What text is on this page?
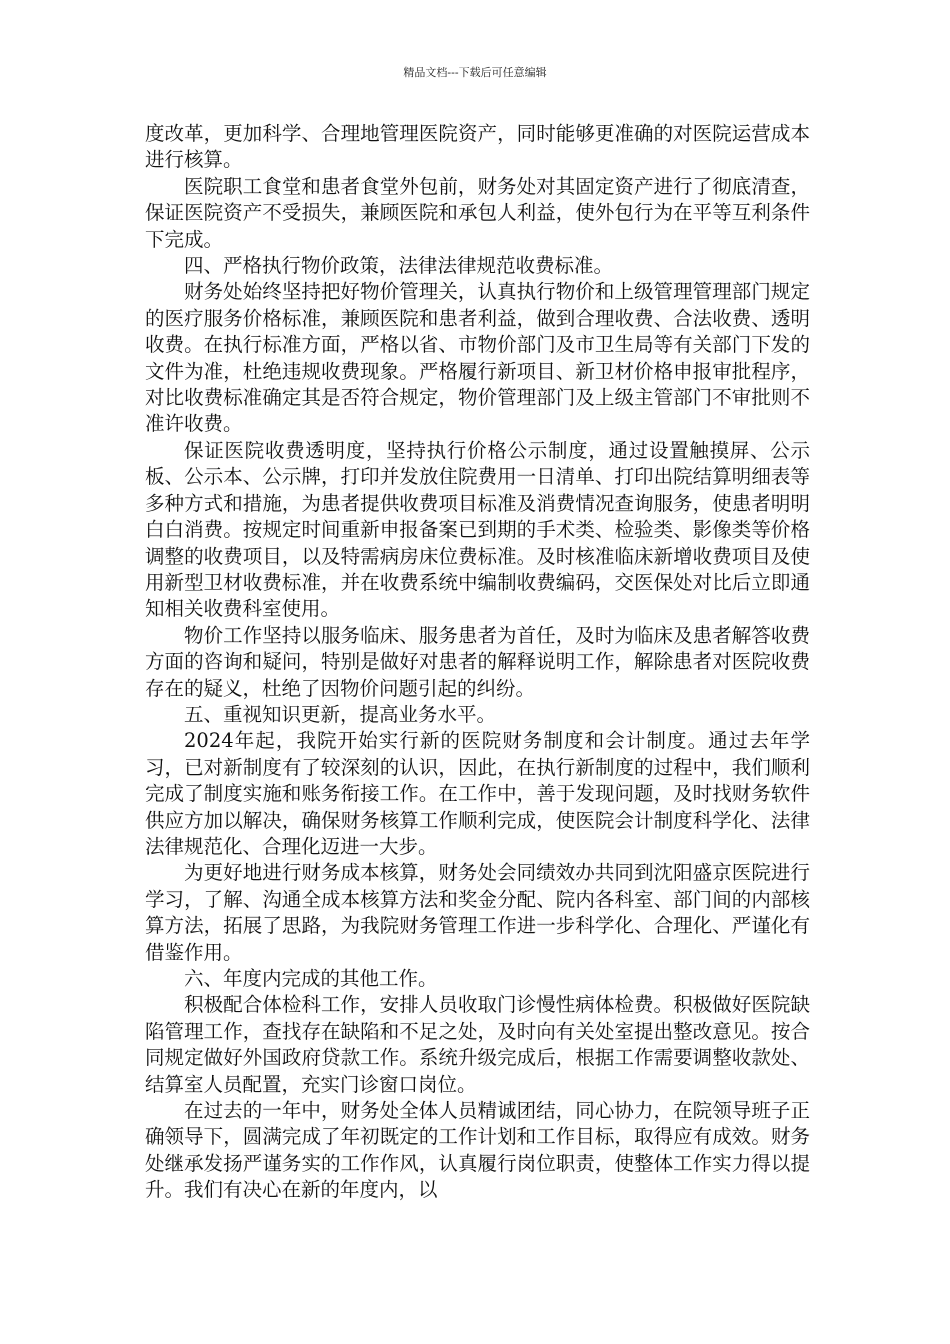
精品文档---下载后可任意编辑

度改革，更加科学、合理地管理医院资产，同时能够更准确的对医院运营成本进行核算。

医院职工食堂和患者食堂外包前，财务处对其固定资产进行了彻底清查，保证医院资产不受损失，兼顾医院和承包人利益，使外包行为在平等互利条件下完成。

四、严格执行物价政策，法律法律规范收费标准。

财务处始终坚持把好物价管理关，认真执行物价和上级管理管理部门规定的医疗服务价格标准，兼顾医院和患者利益，做到合理收费、合法收费、透明收费。在执行标准方面，严格以省、市物价部门及市卫生局等有关部门下发的文件为准，杜绝违规收费现象。严格履行新项目、新卫材价格申报审批程序，对比收费标准确定其是否符合规定，物价管理部门及上级主管部门不审批则不准许收费。

保证医院收费透明度，坚持执行价格公示制度，通过设置触摸屏、公示板、公示本、公示牌，打印并发放住院费用一日清单、打印出院结算明细表等多种方式和措施，为患者提供收费项目标准及消费情况查询服务，使患者明明白白消费。按规定时间重新申报备案已到期的手术类、检验类、影像类等价格调整的收费项目，以及特需病房床位费标准。及时核准临床新增收费项目及使用新型卫材收费标准，并在收费系统中编制收费编码，交医保处对比后立即通知相关收费科室使用。

物价工作坚持以服务临床、服务患者为首任，及时为临床及患者解答收费方面的咨询和疑问，特别是做好对患者的解释说明工作，解除患者对医院收费存在的疑义，杜绝了因物价问题引起的纠纷。

五、重视知识更新，提高业务水平。

2024年起，我院开始实行新的医院财务制度和会计制度。通过去年学习，已对新制度有了较深刻的认识，因此，在执行新制度的过程中，我们顺利完成了制度实施和账务衔接工作。在工作中，善于发现问题，及时找财务软件供应方加以解决，确保财务核算工作顺利完成，使医院会计制度科学化、法律法律规范化、合理化迈进一大步。

为更好地进行财务成本核算，财务处会同绩效办共同到沈阳盛京医院进行学习，了解、沟通全成本核算方法和奖金分配、院内各科室、部门间的内部核算方法，拓展了思路，为我院财务管理工作进一步科学化、合理化、严谨化有借鉴作用。

六、年度内完成的其他工作。

积极配合体检科工作，安排人员收取门诊慢性病体检费。积极做好医院缺陷管理工作，查找存在缺陷和不足之处，及时向有关处室提出整改意见。按合同规定做好外国政府贷款工作。系统升级完成后，根据工作需要调整收款处、结算室人员配置，充实门诊窗口岗位。

在过去的一年中，财务处全体人员精诚团结，同心协力，在院领导班子正确领导下，圆满完成了年初既定的工作计划和工作目标，取得应有成效。财务处继承发扬严谨务实的工作作风，认真履行岗位职责，使整体工作实力得以提升。我们有决心在新的年度内，以
